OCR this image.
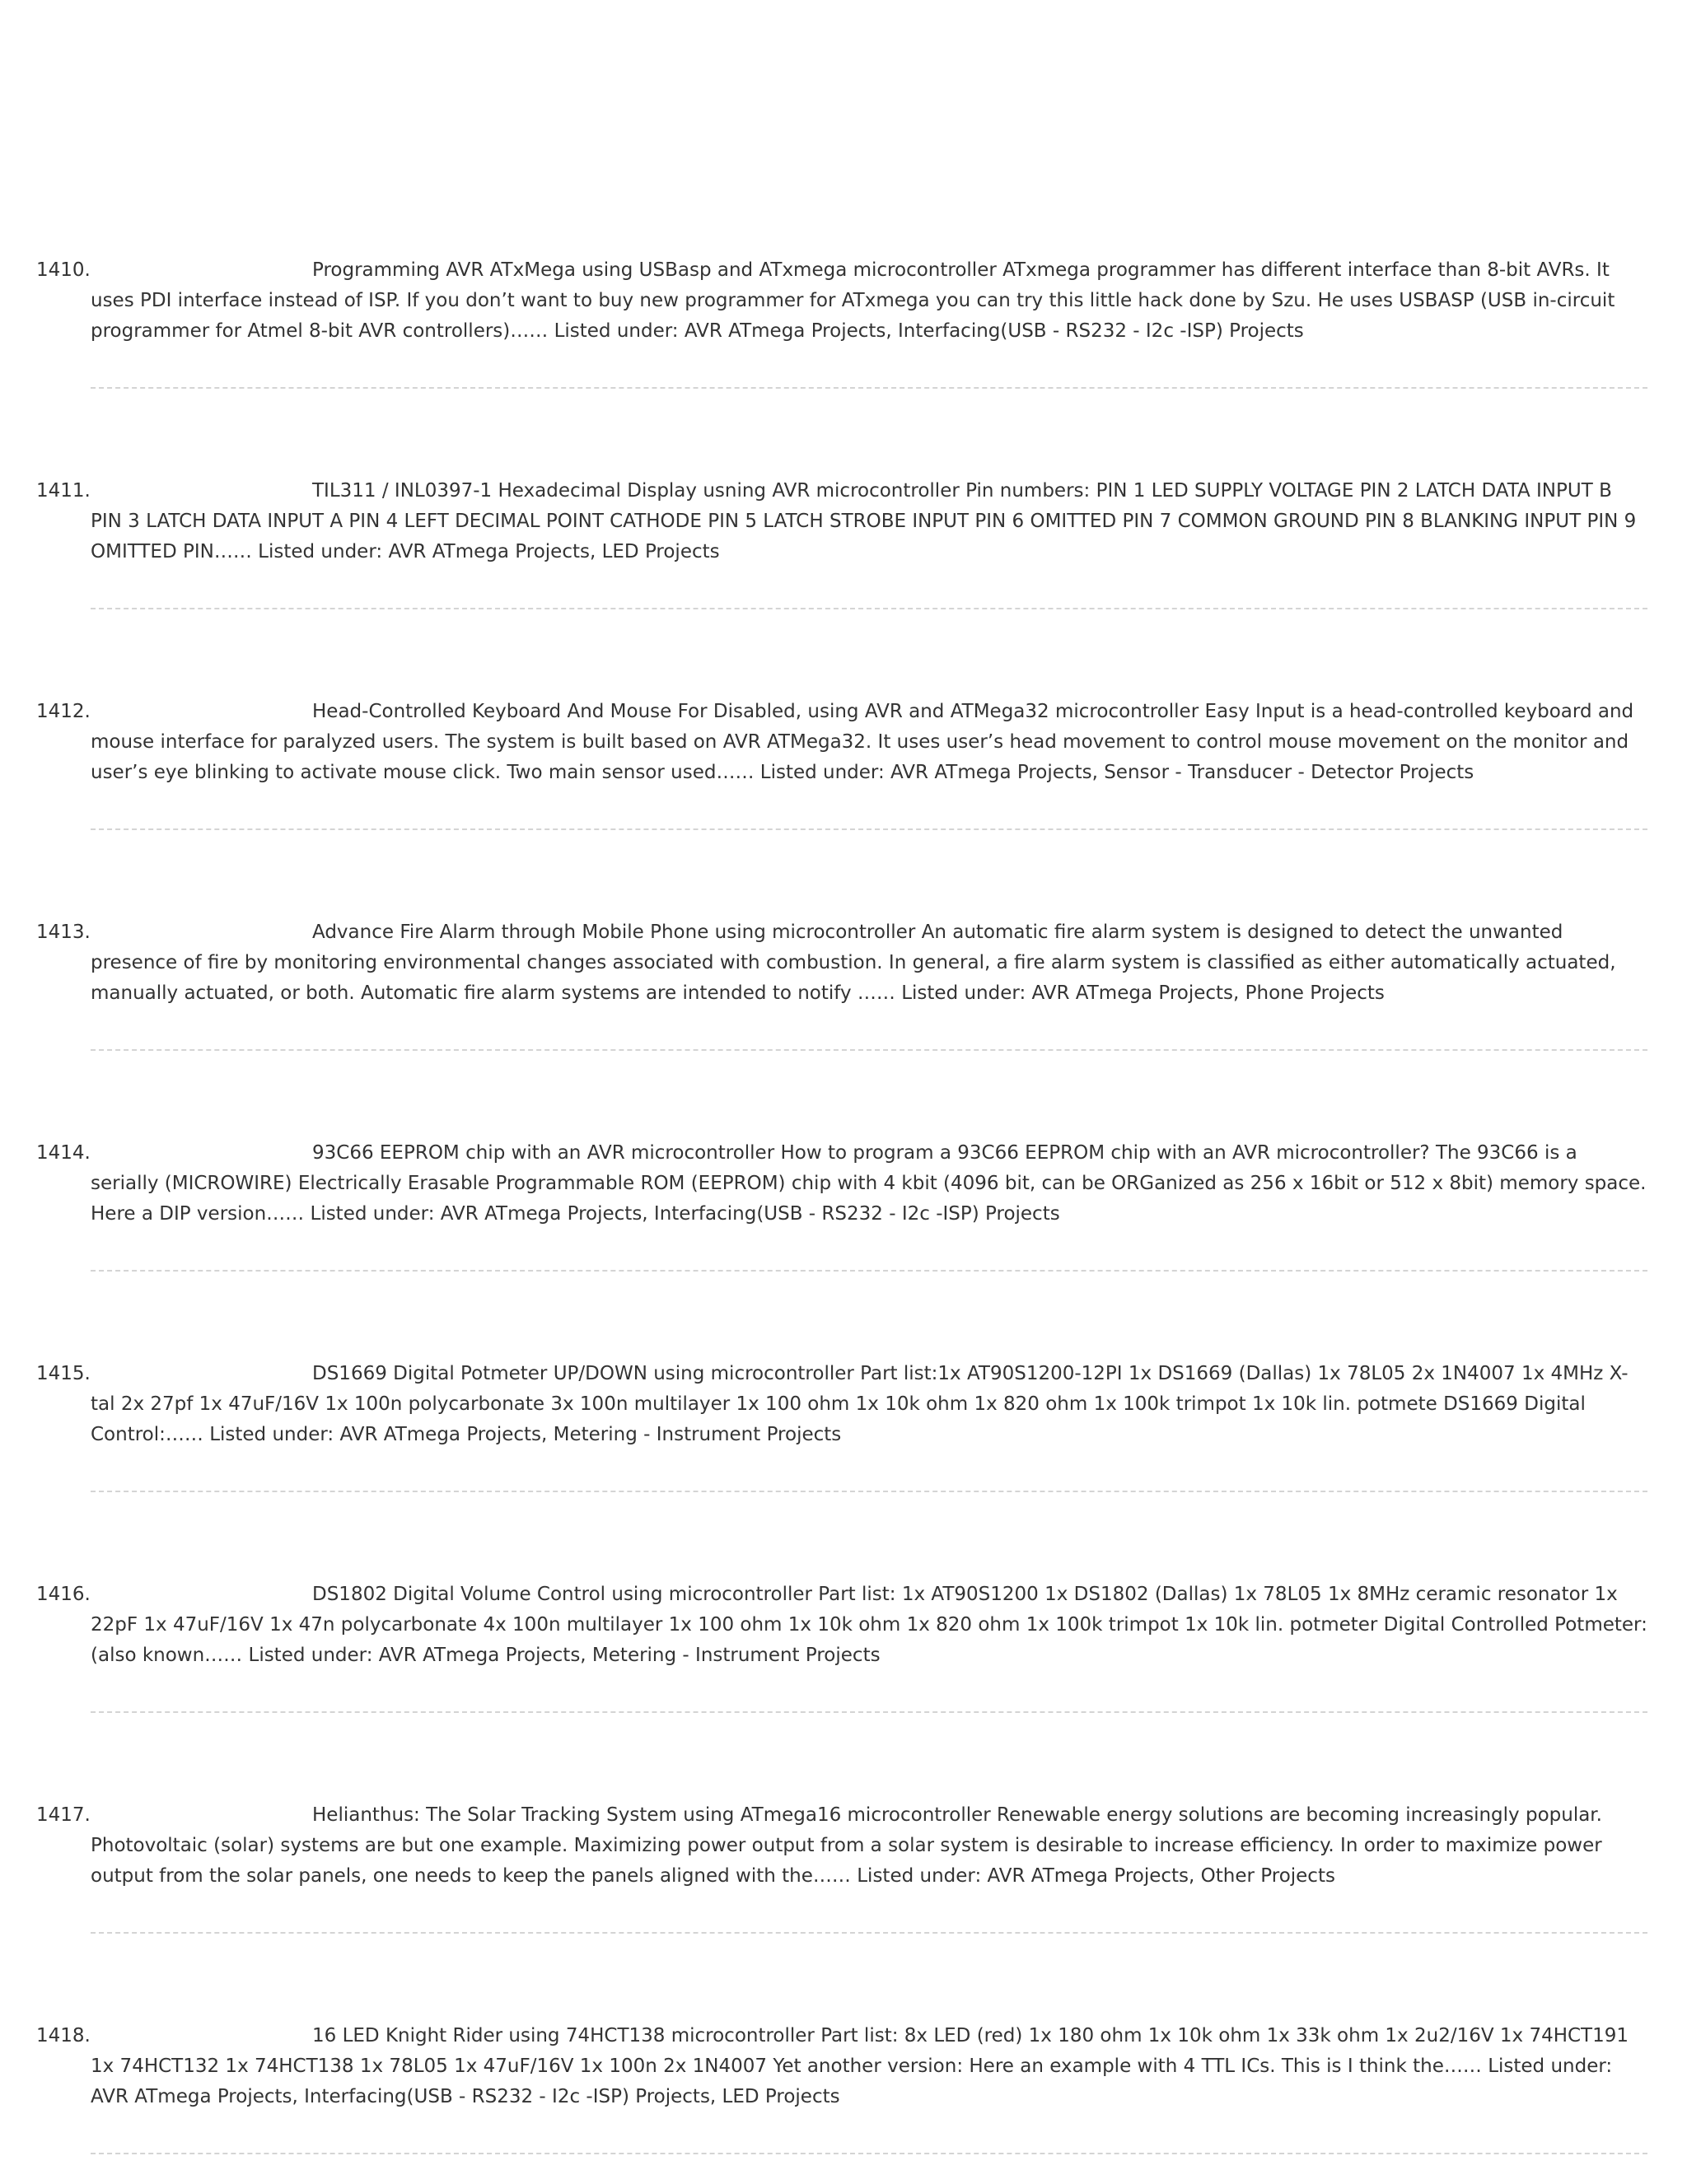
1410.	Programming AVR ATxMega using USBasp and ATxmega microcontroller ATxmega programmer has different interface than 8-bit AVRs. It uses PDI interface instead of ISP. If you don’t want to buy new programmer for ATxmega you can try this little hack done by Szu. He uses USBASP (USB in-circuit programmer for Atmel 8-bit AVR controllers)…… Listed under: AVR ATmega Projects, Interfacing(USB - RS232 - I2c -ISP) Projects
1411.	TIL311 / INL0397-1 Hexadecimal Display usning AVR microcontroller Pin numbers: PIN 1 LED SUPPLY VOLTAGE PIN 2 LATCH DATA INPUT B PIN 3 LATCH DATA INPUT A PIN 4 LEFT DECIMAL POINT CATHODE PIN 5 LATCH STROBE INPUT PIN 6 OMITTED PIN 7 COMMON GROUND PIN 8 BLANKING INPUT PIN 9 OMITTED PIN…… Listed under: AVR ATmega Projects, LED Projects
1412.	Head-Controlled Keyboard And Mouse For Disabled, using AVR and ATMega32 microcontroller Easy Input is a head-controlled keyboard and mouse interface for paralyzed users. The system is built based on AVR ATMega32. It uses user’s head movement to control mouse movement on the monitor and user’s eye blinking to activate mouse click. Two main sensor used…… Listed under: AVR ATmega Projects, Sensor - Transducer - Detector Projects
1413.	Advance Fire Alarm through Mobile Phone using microcontroller An automatic fire alarm system is designed to detect the unwanted presence of fire by monitoring environmental changes associated with combustion. In general, a fire alarm system is classified as either automatically actuated, manually actuated, or both. Automatic fire alarm systems are intended to notify …… Listed under: AVR ATmega Projects, Phone Projects
1414.	93C66 EEPROM chip with an AVR microcontroller How to program a 93C66 EEPROM chip with an AVR microcontroller? The 93C66 is a serially (MICROWIRE) Electrically Erasable Programmable ROM (EEPROM) chip with 4 kbit (4096 bit, can be ORGanized as 256 x 16bit or 512 x 8bit) memory space. Here a DIP version…… Listed under: AVR ATmega Projects, Interfacing(USB - RS232 - I2c -ISP) Projects
1415.	DS1669 Digital Potmeter UP/DOWN using microcontroller Part list:1x AT90S1200-12PI 1x DS1669 (Dallas) 1x 78L05 2x 1N4007 1x 4MHz X-tal 2x 27pf 1x 47uF/16V 1x 100n polycarbonate 3x 100n multilayer 1x 100 ohm 1x 10k ohm 1x 820 ohm 1x 100k trimpot 1x 10k lin. potmete DS1669 Digital Control:…… Listed under: AVR ATmega Projects, Metering - Instrument Projects
1416.	DS1802 Digital Volume Control using microcontroller Part list: 1x AT90S1200 1x DS1802 (Dallas) 1x 78L05 1x 8MHz ceramic resonator 1x 22pF 1x 47uF/16V 1x 47n polycarbonate 4x 100n multilayer 1x 100 ohm 1x 10k ohm 1x 820 ohm 1x 100k trimpot 1x 10k lin. potmeter Digital Controlled Potmeter: (also known…… Listed under: AVR ATmega Projects, Metering - Instrument Projects
1417.	Helianthus: The Solar Tracking System using ATmega16 microcontroller Renewable energy solutions are becoming increasingly popular. Photovoltaic (solar) systems are but one example. Maximizing power output from a solar system is desirable to increase efficiency. In order to maximize power output from the solar panels, one needs to keep the panels aligned with the…… Listed under: AVR ATmega Projects, Other Projects
1418.	16 LED Knight Rider using 74HCT138 microcontroller Part list: 8x LED (red) 1x 180 ohm 1x 10k ohm 1x 33k ohm 1x 2u2/16V 1x 74HCT191 1x 74HCT132 1x 74HCT138 1x 78L05 1x 47uF/16V 1x 100n 2x 1N4007 Yet another version: Here an example with 4 TTL ICs. This is I think the…… Listed under: AVR ATmega Projects, Interfacing(USB - RS232 - I2c -ISP) Projects, LED Projects
